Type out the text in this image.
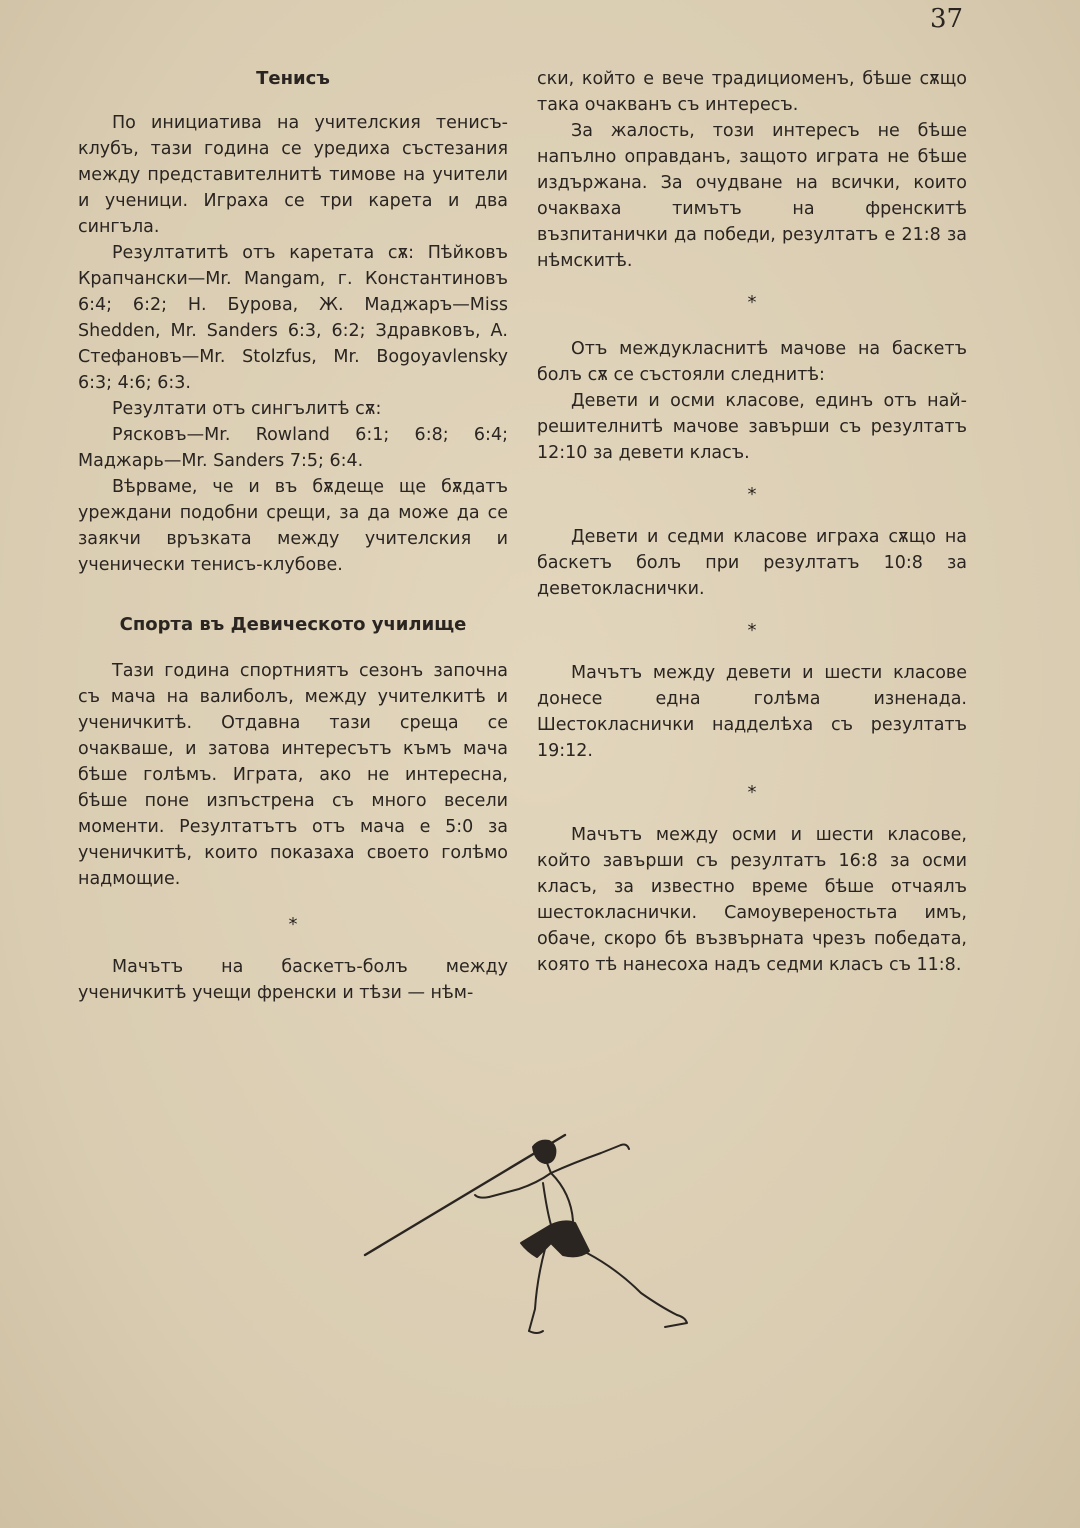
37
Тенисъ

По инициатива на учителския тенисъ-клубъ, тази година се уредиха състезания между представителнитѣ тимове на учители и ученици. Играха се три карета и два сингъла.

Резултатитѣ отъ каретата сѫ: Пѣйковъ Крапчански—Mr. Mangam, г. Константиновъ 6:4; 6:2; Н. Бурова, Ж. Маджаръ—Miss Shedden, Mr. Sanders 6:3, 6:2; Здравковъ, А. Стефановъ—Mr. Stolzfus, Mr. Bogoyavlensky 6:3; 4:6; 6:3.

Резултати отъ сингълитѣ сѫ:

Рясковъ—Mr. Rowland 6:1; 6:8; 6:4; Маджарь—Mr. Sanders 7:5; 6:4.

Вѣрваме, че и въ бѫдеще ще бѫдатъ уреждани подобни срещи, за да може да се заякчи връзката между учителския и ученически тенисъ-клубове.

Спорта въ Девическото училище

Тази година спортниятъ сезонъ започна съ мача на валиболъ, между учителкитѣ и ученичкитѣ. Отдавна тази среща се очакваше, и затова интересътъ къмъ мача бѣше голѣмъ. Играта, ако не интересна, бѣше поне изпъстрена съ много весели моменти. Резултатътъ отъ мача е 5:0 за ученичкитѣ, които показаха своето голѣмо надмощие.

*

Мачътъ на баскетъ-болъ между ученичкитѣ учещи френски и тѣзи — нѣм-

ски, който е вече традициоменъ, бѣше сѫщо така очакванъ съ интересъ.

За жалость, този интересъ не бѣше напълно оправданъ, защото играта не бѣше издържана. За очудване на всички, които очакваха тимътъ на френскитѣ възпитанички да победи, резултатъ е 21:8 за нѣмскитѣ.

*

Отъ междукласнитѣ мачове на баскетъ болъ сѫ се състояли следнитѣ:

Девети и осми класове, единъ отъ най-решителнитѣ мачове завърши съ резултатъ 12:10 за девети класъ.

*

Девети и седми класове играха сѫщо на баскетъ болъ при резултатъ 10:8 за деветокласнички.

*

Мачътъ между девети и шести класове донесе една голѣма изненада. Шестокласнички надделѣха съ резултатъ 19:12.

*

Мачътъ между осми и шести класове, който завърши съ резултатъ 16:8 за осми класъ, за известно време бѣше отчаялъ шестокласнички. Самоувереностьта имъ, обаче, скоро бѣ възвърната чрезъ победата, която тѣ нанесоха надъ седми класъ съ 11:8.
